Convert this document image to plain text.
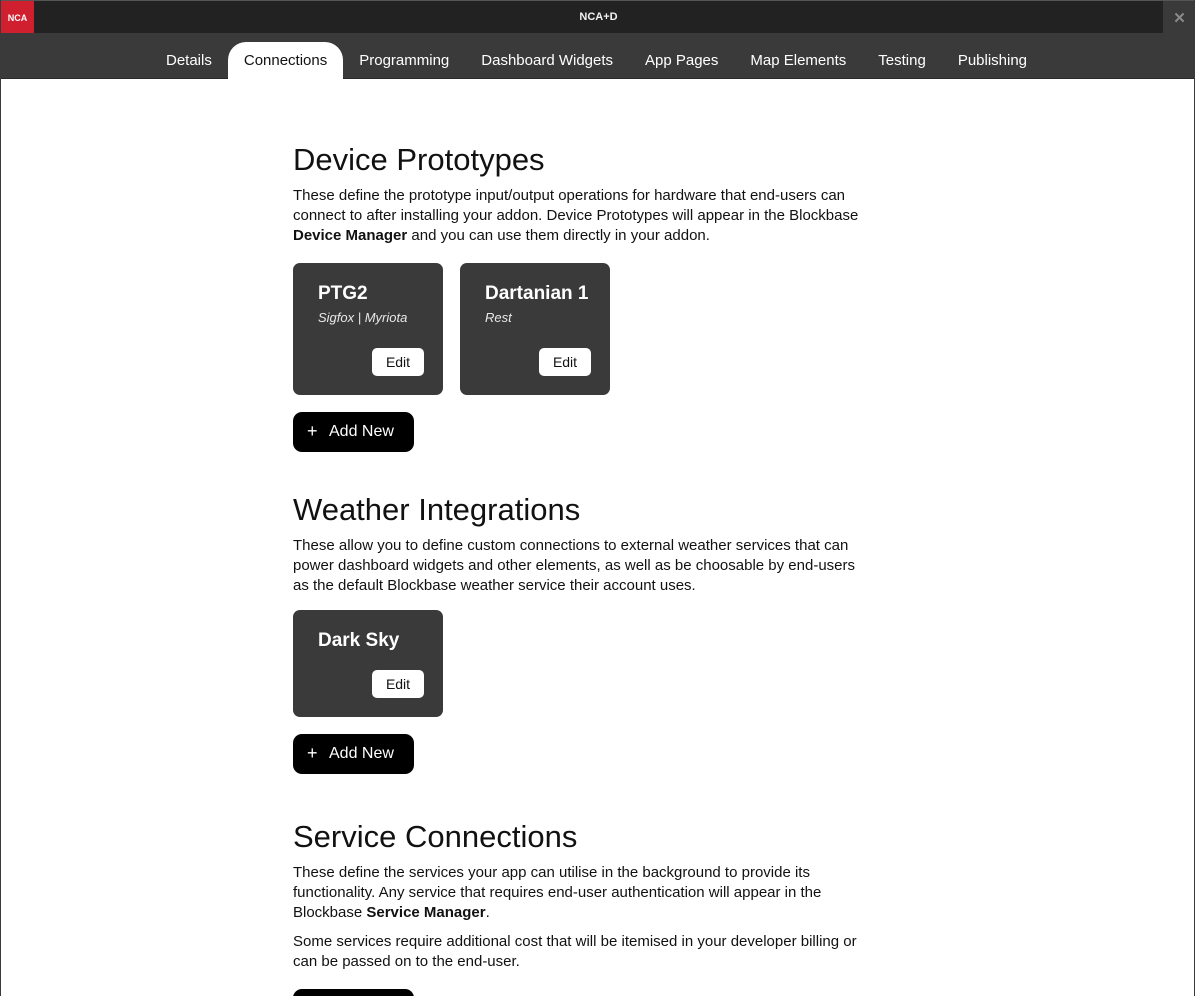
NCA	NCA+D	✕
Details	Connections	Programming	Dashboard Widgets	App Pages	Map Elements	Testing	Publishing
Device Prototypes

These define the prototype input/output operations for hardware that end-users can connect to after installing your addon. Device Prototypes will appear in the Blockbase Device Manager and you can use them directly in your addon.

PTG2
Sigfox | Myriota
Edit
Dartanian 1
Rest
Edit
+ Add New
Weather Integrations

These allow you to define custom connections to external weather services that can power dashboard widgets and other elements, as well as be choosable by end-users as the default Blockbase weather service their account uses.

Dark Sky
Edit
+ Add New
Service Connections

These define the services your app can utilise in the background to provide its functionality. Any service that requires end-user authentication will appear in the Blockbase Service Manager.

Some services require additional cost that will be itemised in your developer billing or can be passed on to the end-user.
